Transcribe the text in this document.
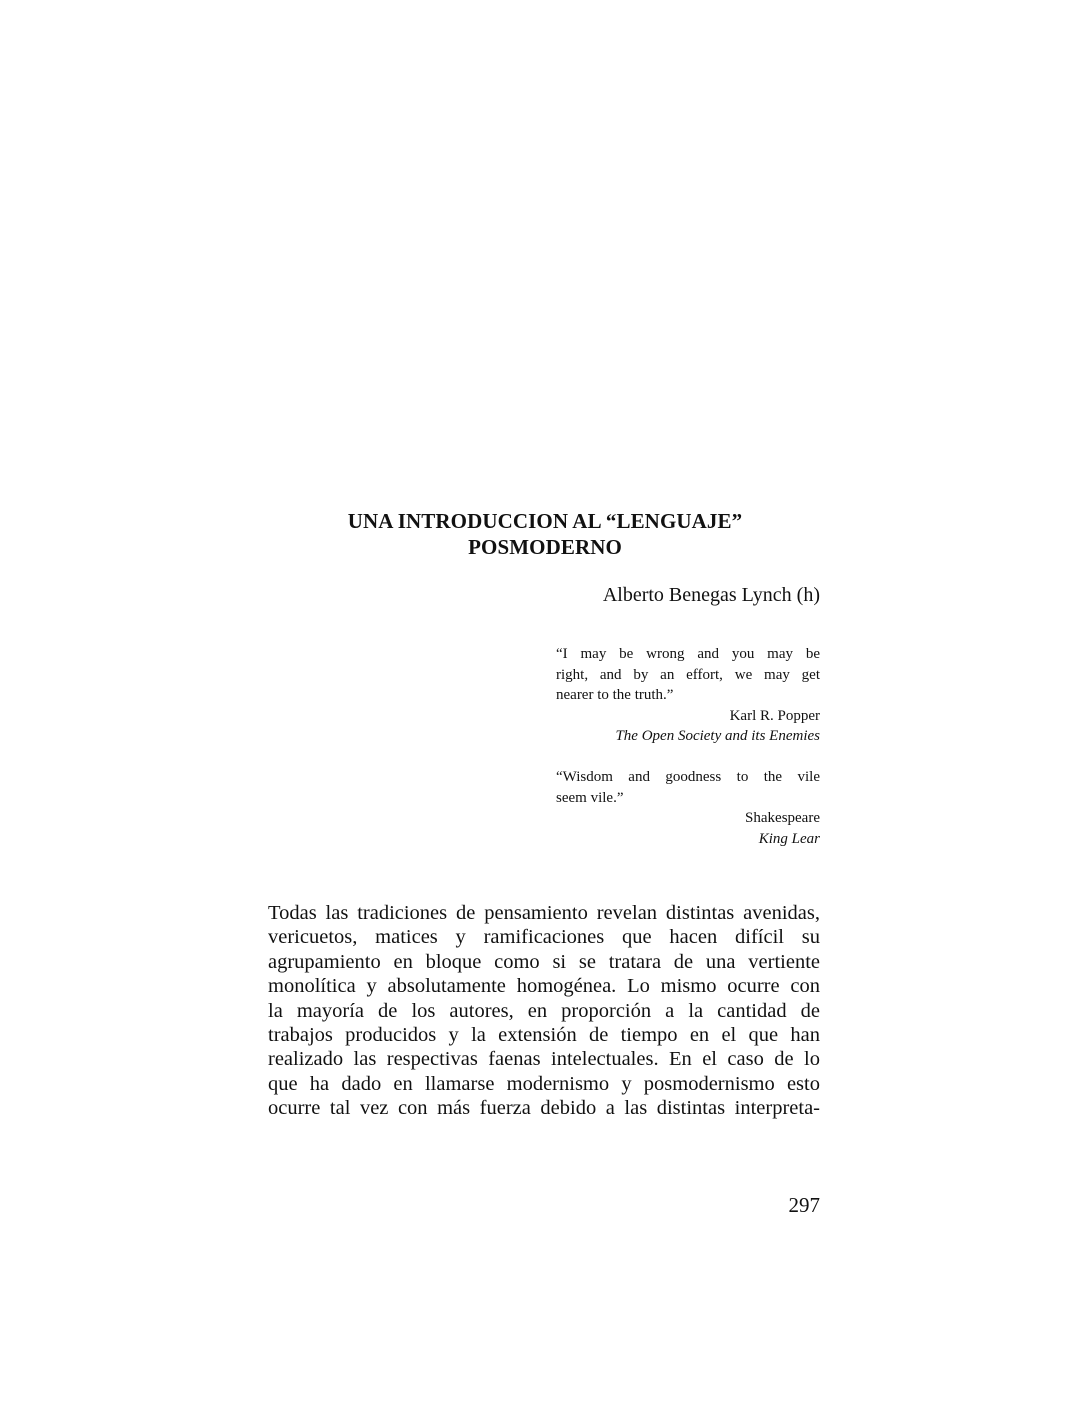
UNA INTRODUCCION AL “LENGUAJE”
POSMODERNO
Alberto Benegas Lynch (h)
“I may be wrong and you may be
right, and by an effort, we may get
nearer to the truth.”
Karl R. Popper
The Open Society and its Enemies
“Wisdom and goodness to the vile
seem vile.”
Shakespeare
King Lear
Todas las tradiciones de pensamiento revelan distintas avenidas,
vericuetos, matices y ramificaciones que hacen difícil su
agrupamiento en bloque como si se tratara de una vertiente
monolítica y absolutamente homogénea. Lo mismo ocurre con
la mayoría de los autores, en proporción a la cantidad de
trabajos producidos y la extensión de tiempo en el que han
realizado las respectivas faenas intelectuales. En el caso de lo
que ha dado en llamarse modernismo y posmodernismo esto
ocurre tal vez con más fuerza debido a las distintas interpreta-
297
